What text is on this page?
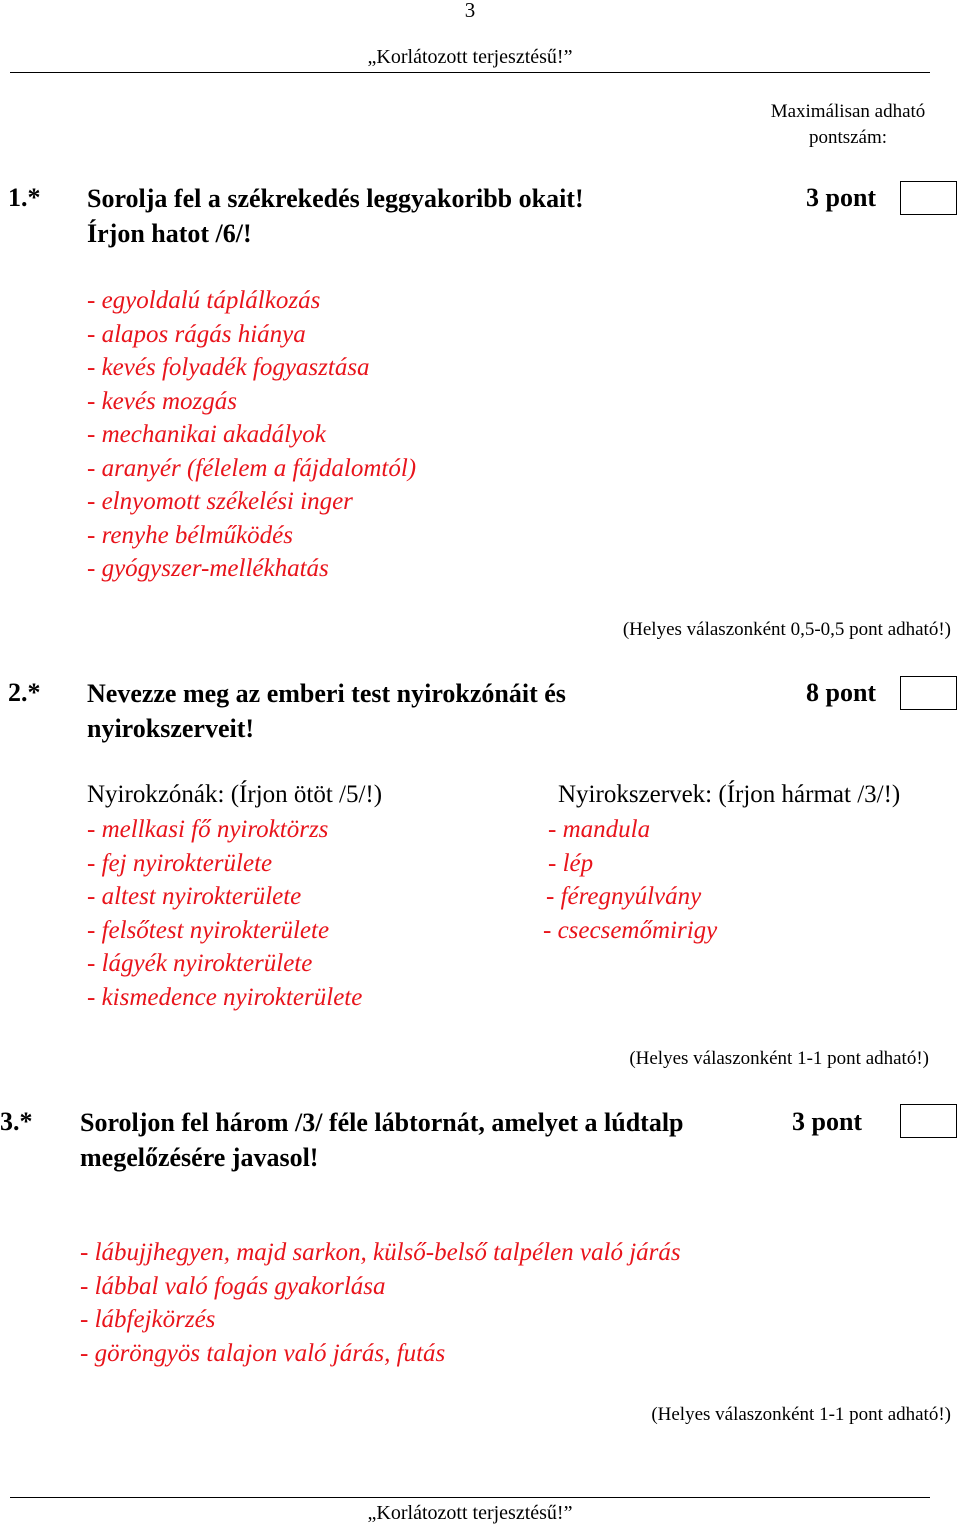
3
„Korlátozott terjesztésű!”
Maximálisan adható pontszám:
1.* Sorolja fel a székrekedés leggyakoribb okait!
Írjon hatot /6/!
3 pont
- egyoldalú táplálkozás
- alapos rágás hiánya
- kevés folyadék fogyasztása
- kevés mozgás
- mechanikai akadályok
- aranyér (félelem a fájdalomtól)
- elnyomott székelési inger
- renyhe bélműködés
- gyógyszer-mellékhatás
(Helyes válaszonként 0,5-0,5 pont adható!)
2.* Nevezze meg az emberi test nyirokzónáit és
nyirokszerveit!
8 pont
Nyirokzónák: (Írjon ötöt /5/!)	Nyirokszervek: (Írjon hármat /3/!)
- mellkasi fő nyiroktörzs
- fej nyirokterülete
- altest nyirokterülete
- felsőtest nyirokterülete
- lágyék nyirokterülete
- kismedence nyirokterülete
- mandula
- lép
- féregnyúlvány
- csecsemőmirigy
(Helyes válaszonként 1-1 pont adható!)
3.* Soroljon fel három /3/ féle lábtornát, amelyet a lúdtalp
megelőzésére javasol!
3 pont
- lábujjhegyen, majd sarkon, külső-belső talpélen való járás
- lábbal való fogás gyakorlása
- lábfejkörzés
- göröngyös talajon való járás, futás
(Helyes válaszonként 1-1 pont adható!)
„Korlátozott terjesztésű!”
